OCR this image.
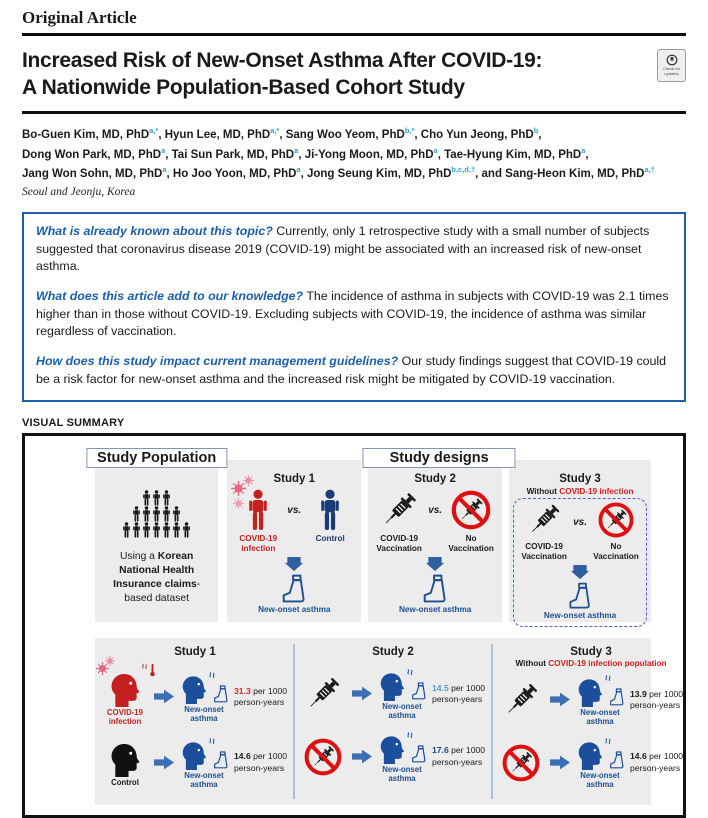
Original Article
Increased Risk of New-Onset Asthma After COVID-19:
A Nationwide Population-Based Cohort Study
Check for updates
Bo-Guen Kim, MD, PhD$^{a,*}$, Hyun Lee, MD, PhD$^{a,*}$, Sang Woo Yeom, PhD$^{b,*}$, Cho Yun Jeong, PhD$^b$,
Dong Won Park, MD, PhD$^a$, Tai Sun Park, MD, PhD$^a$, Ji-Yong Moon, MD, PhD$^a$, Tae-Hyung Kim, MD, PhD$^a$,
Jang Won Sohn, MD, PhD$^a$, Ho Joo Yoon, MD, PhD$^a$, Jong Seung Kim, MD, PhD$^{b,c,d,\dagger}$, and Sang-Heon Kim, MD, PhD$^{a,\dagger}$
Seoul and Jeonju, Korea
What is already known about this topic? Currently, only 1 retrospective study with a small number of subjects suggested that coronavirus disease 2019 (COVID-19) might be associated with an increased risk of new-onset asthma.
What does this article add to our knowledge? The incidence of asthma in subjects with COVID-19 was 2.1 times higher than in those without COVID-19. Excluding subjects with COVID-19, the incidence of asthma was similar regardless of vaccination.
How does this study impact current management guidelines? Our study findings suggest that COVID-19 could be a risk factor for new-onset asthma and the increased risk might be mitigated by COVID-19 vaccination.
VISUAL SUMMARY
Study Population
Using a Korean National Health Insurance claims-based dataset
Study designs
Study 1
COVID-19 infection
vs.
Control
New-onset asthma
Study 2
COVID-19 Vaccination
vs.
No Vaccination
New-onset asthma
Study 3
Without COVID-19 infection
COVID-19 Vaccination
vs.
No Vaccination
New-onset asthma
Study 1
COVID-19 infection
New-onset asthma
31.3 per 1000
person-years
Control
New-onset asthma
14.6 per 1000
person-years
Study 2
New-onset asthma
14.5 per 1000
person-years
New-onset asthma
17.6 per 1000
person-years
Study 3
Without COVID-19 infection population
New-onset asthma
13.9 per 1000
person-years
New-onset asthma
14.6 per 1000
person-years
